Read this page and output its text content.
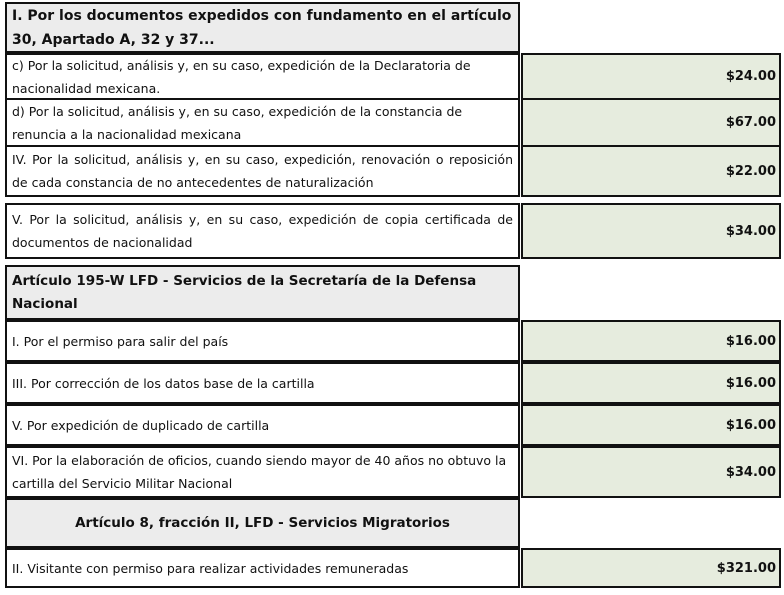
I. Por los documentos expedidos con fundamento en el artículo 30, Apartado A, 32 y 37...
c) Por la solicitud, análisis y, en su caso, expedición de la Declaratoria de nacionalidad mexicana.
$24.00
d) Por la solicitud, análisis y, en su caso, expedición de la constancia de renuncia a la nacionalidad mexicana
$67.00
IV. Por la solicitud, análisis y, en su caso, expedición, renovación o reposición de cada constancia de no antecedentes de naturalización
$22.00
V. Por la solicitud, análisis y, en su caso, expedición de copia certificada de documentos de nacionalidad
$34.00
Artículo 195-W LFD - Servicios de la Secretaría de la Defensa Nacional
I. Por el permiso para salir del país	$16.00
III. Por corrección de los datos base de la cartilla	$16.00
V. Por expedición de duplicado de cartilla	$16.00
VI. Por la elaboración de oficios, cuando siendo mayor de 40 años no obtuvo la cartilla del Servicio Militar Nacional
$34.00
Artículo 8, fracción II, LFD - Servicios Migratorios
II. Visitante con permiso para realizar actividades remuneradas	$321.00
